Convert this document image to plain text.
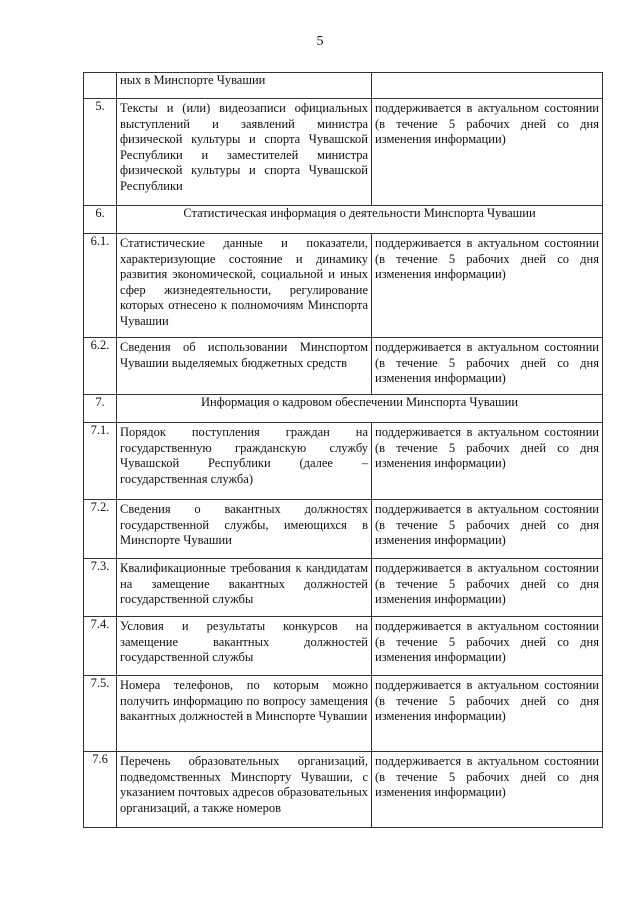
5
	ных в Минспорте Чувашии	
5.	Тексты и (или) видеозаписи официальных выступлений и заявлений министра физической культуры и спорта Чувашской Республики и заместителей министра физической культуры и спорта Чувашской Республики	поддерживается в актуальном состоянии (в течение 5 рабочих дней со дня изменения информации)

6.	Статистическая информация о деятельности Минспорта Чувашии	
6.1.	Статистические данные и показатели, характеризующие состояние и динамику развития экономической, социальной и иных сфер жизнедеятельности, регулирование которых отнесено к полномочиям Минспорта Чувашии	поддерживается в актуальном состоянии (в течение 5 рабочих дней со дня изменения информации)

6.2.	Сведения об использовании Минспортом Чувашии выделяемых бюджетных средств	поддерживается в актуальном состоянии (в течение 5 рабочих дней со дня изменения информации)

7.	Информация о кадровом обеспечении Минспорта Чувашии	
7.1.	Порядок поступления граждан на государственную гражданскую службу Чувашской Республики (далее – государственная служба)	поддерживается в актуальном состоянии (в течение 5 рабочих дней со дня изменения информации)

7.2.	Сведения о вакантных должностях государственной службы, имеющихся в Минспорте Чувашии	поддерживается в актуальном состоянии (в течение 5 рабочих дней со дня изменения информации)

7.3.	Квалификационные требования к кандидатам на замещение вакантных должностей государственной службы	поддерживается в актуальном состоянии (в течение 5 рабочих дней со дня изменения информации)

7.4.	Условия и результаты конкурсов на замещение вакантных должностей государственной службы	поддерживается в актуальном состоянии (в течение 5 рабочих дней со дня изменения информации)

7.5.	Номера телефонов, по которым можно получить информацию по вопросу замещения вакантных должностей в Минспорте Чувашии	поддерживается в актуальном состоянии (в течение 5 рабочих дней со дня изменения информации)

7.6	Перечень образовательных организаций, подведомственных Минспорту Чувашии, с указанием почтовых адресов образовательных организаций, а также номеров	поддерживается в актуальном состоянии (в течение 5 рабочих дней со дня изменения информации)
